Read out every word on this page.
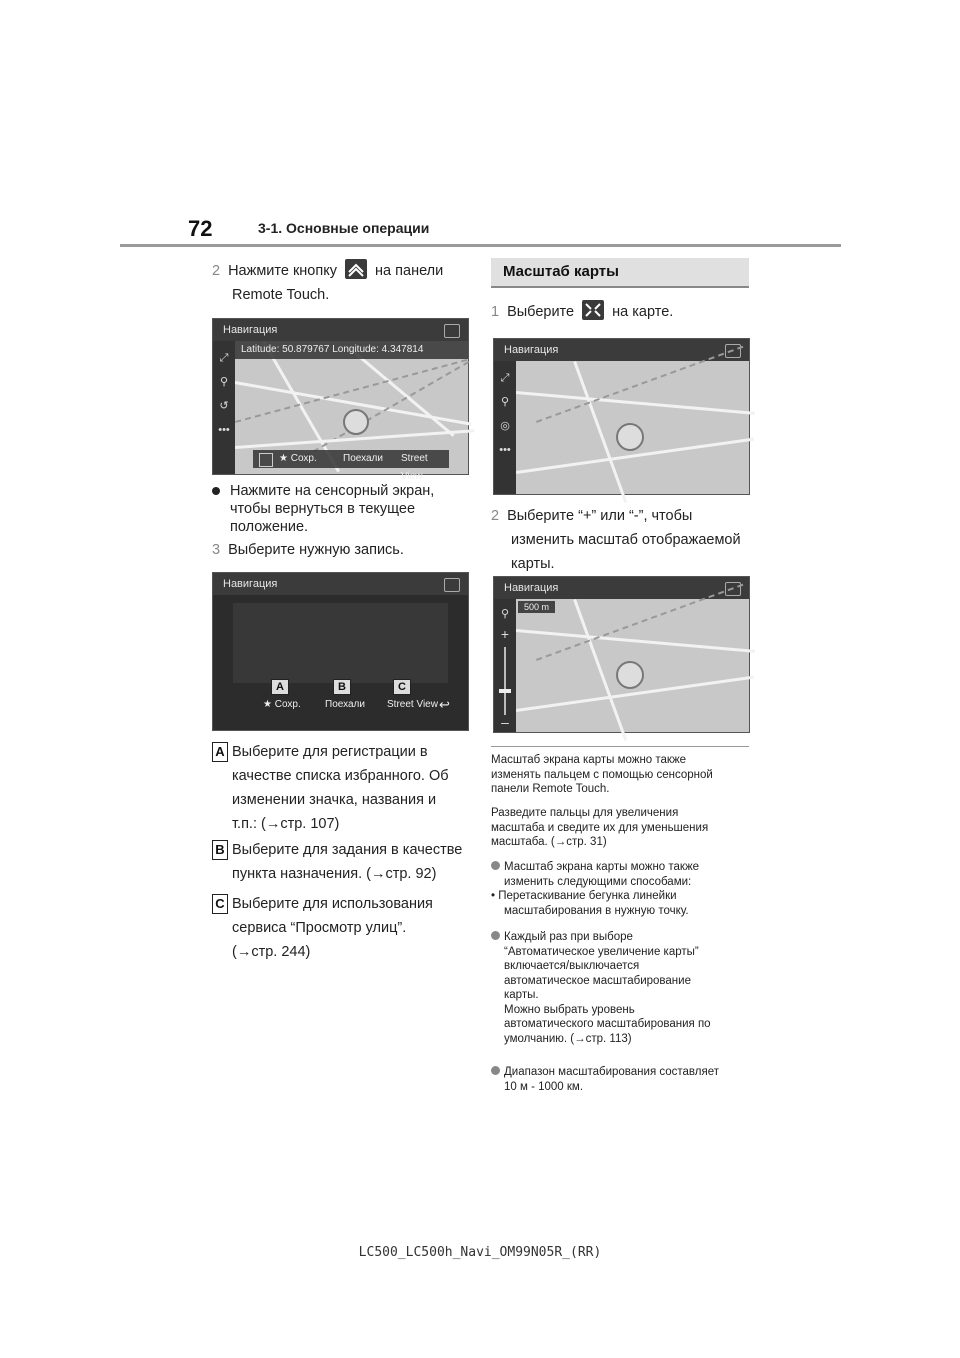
72	3-1. Основные операции
2 Нажмите кнопку	на панели
Remote Touch.
Навигация
Latitude: 50.879767 Longitude: 4.347814
⤢
⚲
↺
•••
★ Сохр.	Поехали Street View
Нажмите на сенсорный экран, чтобы вернуться в текущее положение.
3 Выберите нужную запись.
Навигация
A	B	C
★ Сохр. Поехали Street View ↩
A Выберите для регистрации в
качестве списка избранного. Об
изменении значка, названия и
т.п.: (→стр. 107)
B Выберите для задания в качестве
пункта назначения. (→стр. 92)
C Выберите для использования
сервиса “Просмотр улиц”.
(→стр. 244)
Масштаб карты
1 Выберите	на карте.
Навигация
⤢
⚲
◎
•••
2 Выберите “+” или “-”, чтобы
изменить масштаб отображаемой
карты.
Навигация
500 m
⚲
+
–
Масштаб экрана карты можно также
изменять пальцем с помощью сенсорной
панели Remote Touch.
Разведите пальцы для увеличения
масштаба и сведите их для уменьшения
масштаба. (→стр. 31)
Масштаб экрана карты можно также
изменить следующими способами:
• Перетаскивание бегунка линейки
масштабирования в нужную точку.
Каждый раз при выборе
“Автоматическое увеличение карты”
включается/выключается
автоматическое масштабирование
карты.
Можно выбрать уровень
автоматического масштабирования по
умолчанию. (→стр. 113)
Диапазон масштабирования составляет
10 м - 1000 км.
LC500_LC500h_Navi_OM99N05R_(RR)
